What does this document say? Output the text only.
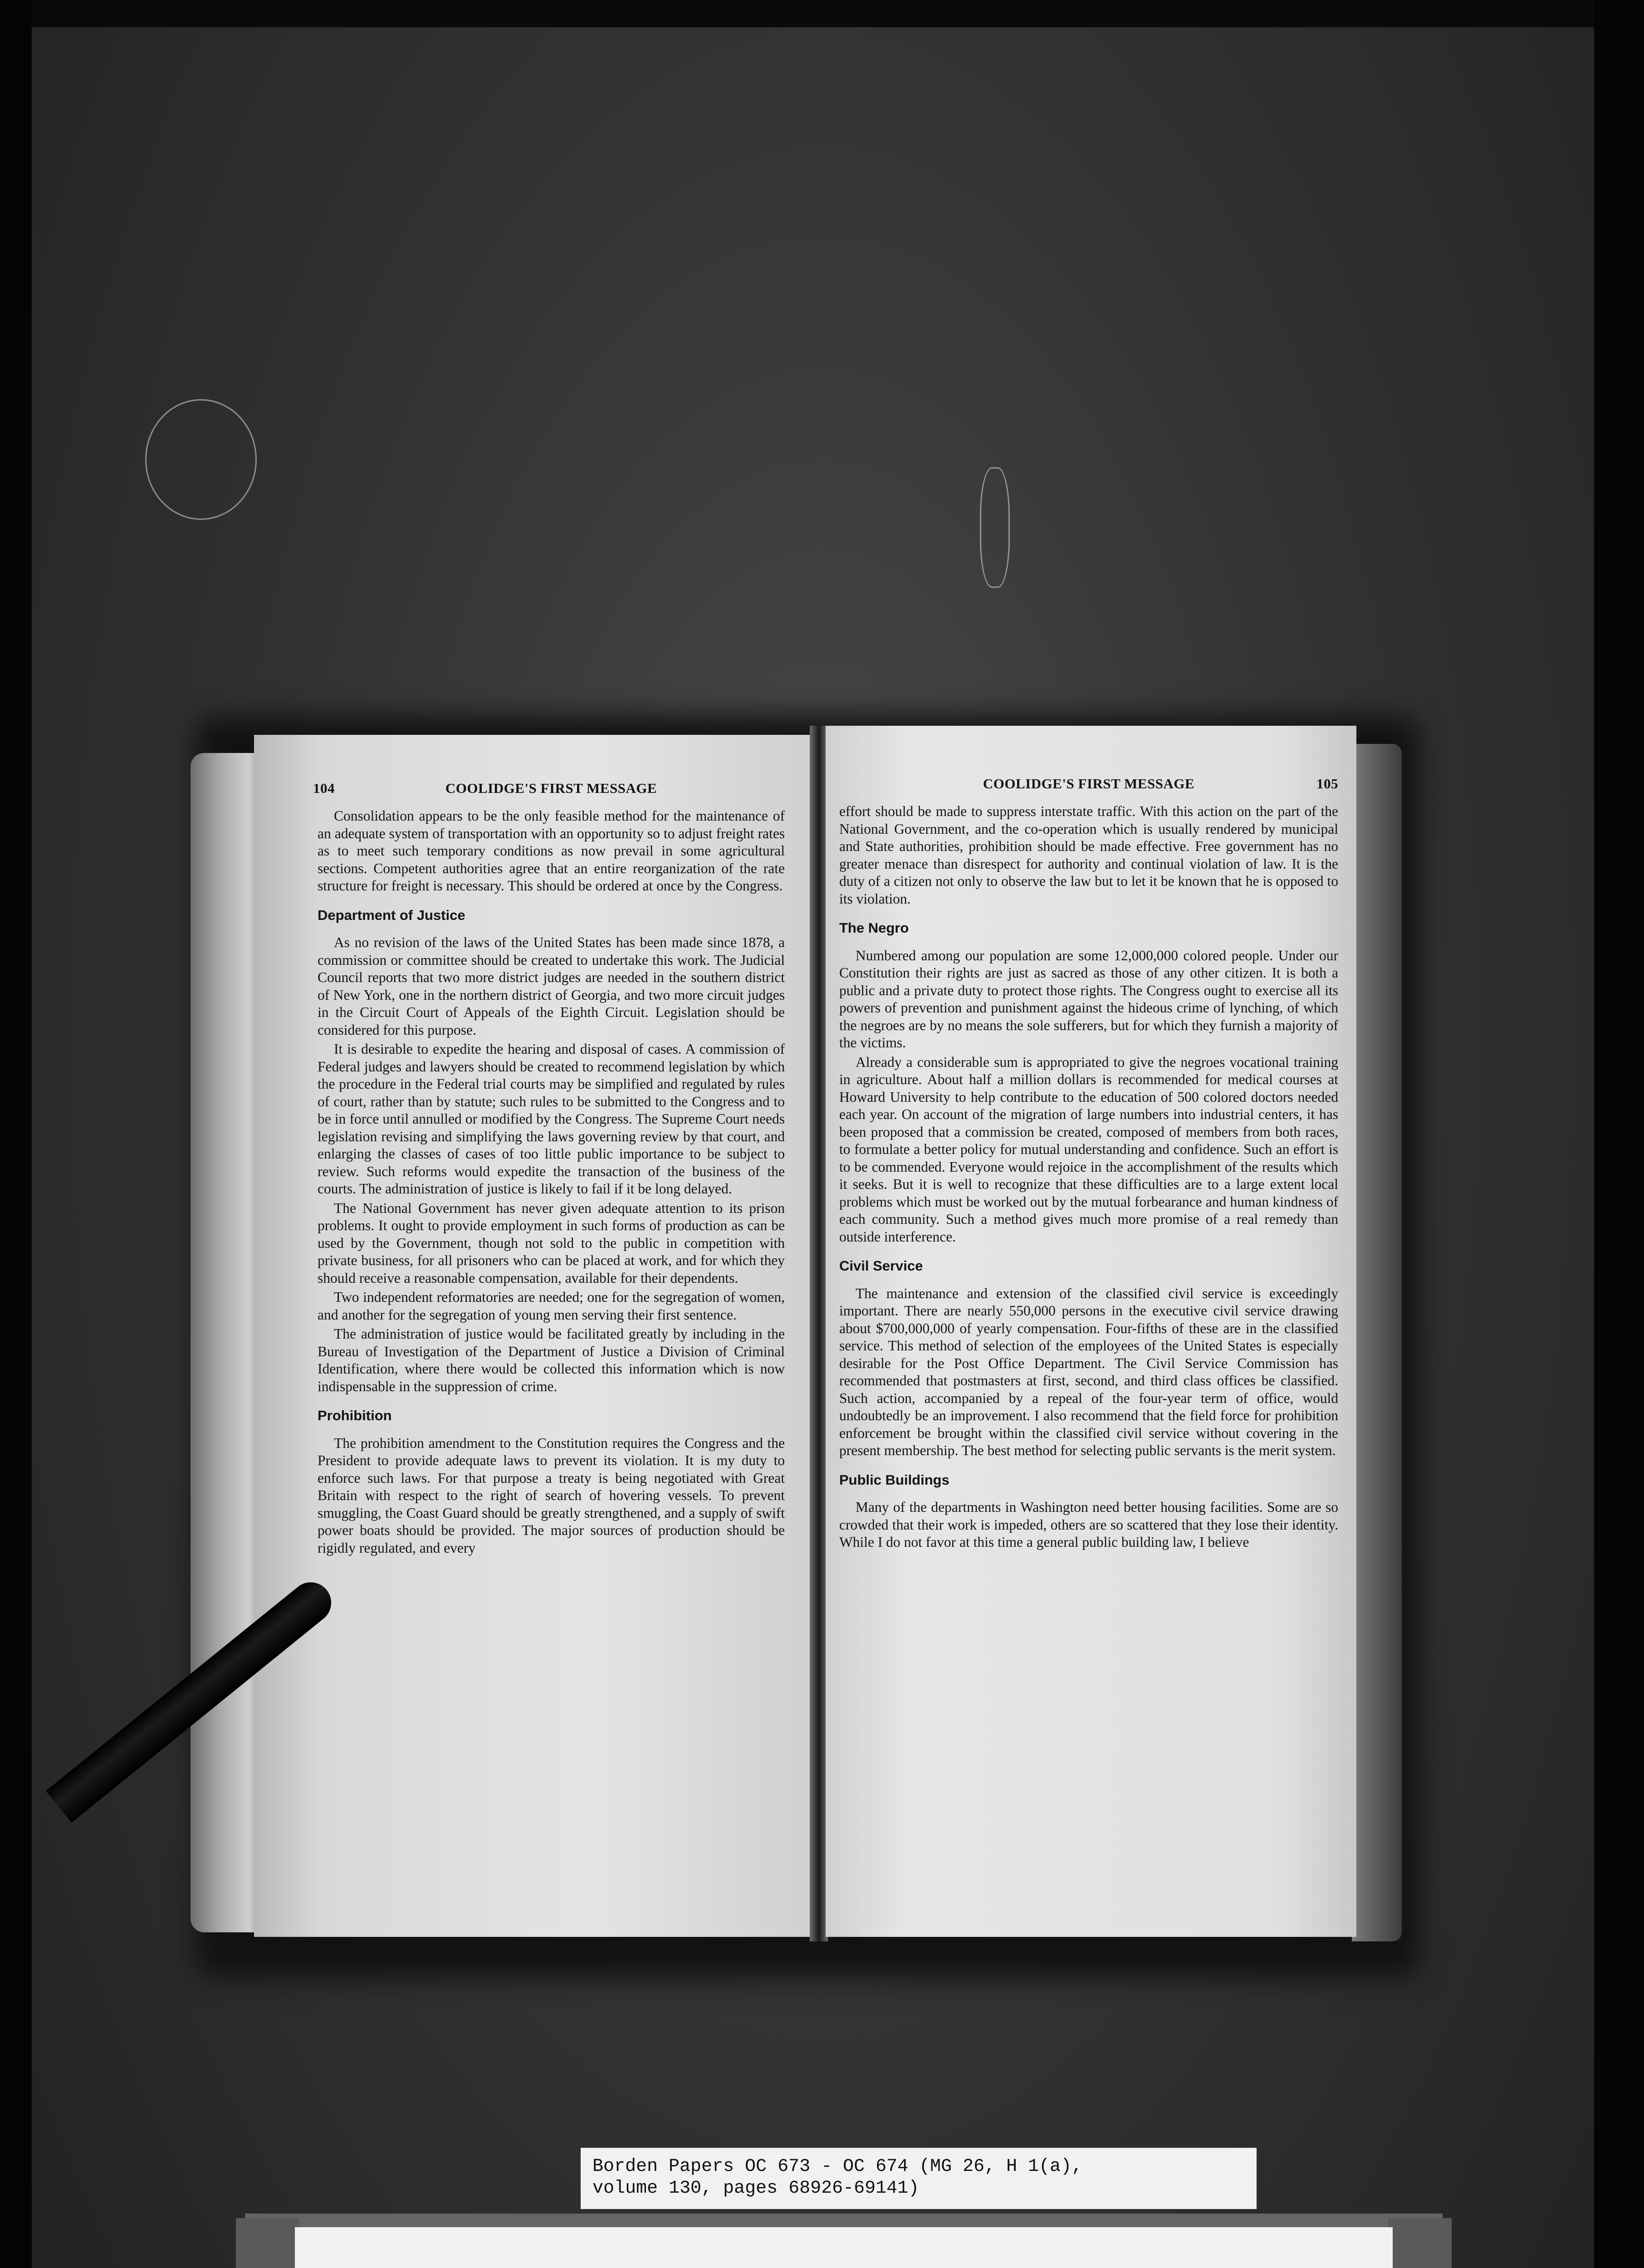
104	COOLIDGE'S FIRST MESSAGE

Consolidation appears to be the only feasible method for the maintenance of an adequate system of transportation with an opportunity so to adjust freight rates as to meet such temporary conditions as now prevail in some agricultural sections. Competent authorities agree that an entire reorganization of the rate structure for freight is necessary. This should be ordered at once by the Congress.

Department of Justice

As no revision of the laws of the United States has been made since 1878, a commission or committee should be created to undertake this work. The Judicial Council reports that two more district judges are needed in the southern district of New York, one in the northern district of Georgia, and two more circuit judges in the Circuit Court of Appeals of the Eighth Circuit. Legislation should be considered for this purpose.

It is desirable to expedite the hearing and disposal of cases. A commission of Federal judges and lawyers should be created to recommend legislation by which the procedure in the Federal trial courts may be simplified and regulated by rules of court, rather than by statute; such rules to be submitted to the Congress and to be in force until annulled or modified by the Congress. The Supreme Court needs legislation revising and simplifying the laws governing review by that court, and enlarging the classes of cases of too little public importance to be subject to review. Such reforms would expedite the transaction of the business of the courts. The administration of justice is likely to fail if it be long delayed.

The National Government has never given adequate attention to its prison problems. It ought to provide employment in such forms of production as can be used by the Government, though not sold to the public in competition with private business, for all prisoners who can be placed at work, and for which they should receive a reasonable compensation, available for their dependents.

Two independent reformatories are needed; one for the segregation of women, and another for the segregation of young men serving their first sentence.

The administration of justice would be facilitated greatly by including in the Bureau of Investigation of the Department of Justice a Division of Criminal Identification, where there would be collected this information which is now indispensable in the suppression of crime.

Prohibition

The prohibition amendment to the Constitution requires the Congress and the President to provide adequate laws to prevent its violation. It is my duty to enforce such laws. For that purpose a treaty is being negotiated with Great Britain with respect to the right of search of hovering vessels. To prevent smuggling, the Coast Guard should be greatly strengthened, and a supply of swift power boats should be provided. The major sources of production should be rigidly regulated, and every

COOLIDGE'S FIRST MESSAGE	105

effort should be made to suppress interstate traffic. With this action on the part of the National Government, and the co-operation which is usually rendered by municipal and State authorities, prohibition should be made effective. Free government has no greater menace than disrespect for authority and continual violation of law. It is the duty of a citizen not only to observe the law but to let it be known that he is opposed to its violation.

The Negro

Numbered among our population are some 12,000,000 colored people. Under our Constitution their rights are just as sacred as those of any other citizen. It is both a public and a private duty to protect those rights. The Congress ought to exercise all its powers of prevention and punishment against the hideous crime of lynching, of which the negroes are by no means the sole sufferers, but for which they furnish a majority of the victims.

Already a considerable sum is appropriated to give the negroes vocational training in agriculture. About half a million dollars is recommended for medical courses at Howard University to help contribute to the education of 500 colored doctors needed each year. On account of the migration of large numbers into industrial centers, it has been proposed that a commission be created, composed of members from both races, to formulate a better policy for mutual understanding and confidence. Such an effort is to be commended. Everyone would rejoice in the accomplishment of the results which it seeks. But it is well to recognize that these difficulties are to a large extent local problems which must be worked out by the mutual forbearance and human kindness of each community. Such a method gives much more promise of a real remedy than outside interference.

Civil Service

The maintenance and extension of the classified civil service is exceedingly important. There are nearly 550,000 persons in the executive civil service drawing about $700,000,000 of yearly compensation. Four-fifths of these are in the classified service. This method of selection of the employees of the United States is especially desirable for the Post Office Department. The Civil Service Commission has recommended that postmasters at first, second, and third class offices be classified. Such action, accompanied by a repeal of the four-year term of office, would undoubtedly be an improvement. I also recommend that the field force for prohibition enforcement be brought within the classified civil service without covering in the present membership. The best method for selecting public servants is the merit system.

Public Buildings

Many of the departments in Washington need better housing facilities. Some are so crowded that their work is impeded, others are so scattered that they lose their identity. While I do not favor at this time a general public building law, I believe

Borden Papers OC 673 - OC 674 (MG 26, H 1(a),
volume 130, pages 68926-69141)
